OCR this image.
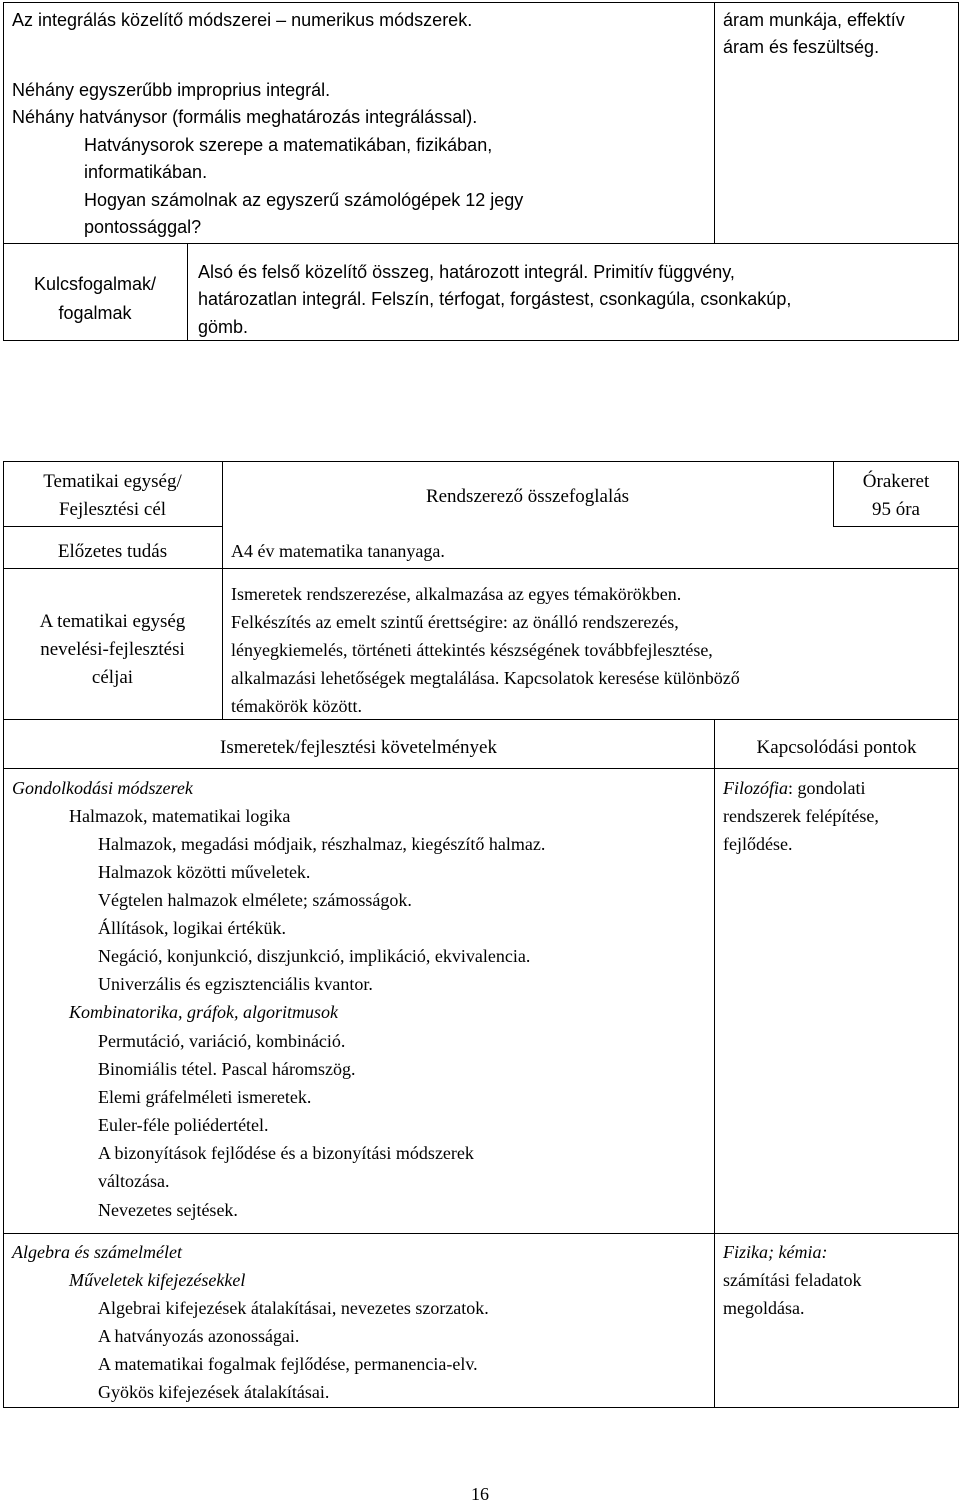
Az integrálás közelítő módszerei – numerikus módszerek.
Néhány egyszerűbb improprius integrál.
Néhány hatványsor (formális meghatározás integrálással).
Hatványsorok szerepe a matematikában, fizikában,
informatikában.
Hogyan számolnak az egyszerű számológépek 12 jegy
pontossággal?
áram munkája, effektív
áram és feszültség.
Kulcsfogalmak/
fogalmak
Alsó és felső közelítő összeg, határozott integrál. Primitív függvény,
határozatlan integrál. Felszín, térfogat, forgástest, csonkagúla, csonkakúp,
gömb.
Tematikai egység/
Fejlesztési cél
Rendszerező összefoglalás
Órakeret
95 óra
Előzetes tudás	A4 év matematika tananyaga.
A tematikai egység
nevelési-fejlesztési
céljai
Ismeretek rendszerezése, alkalmazása az egyes témakörökben.
Felkészítés az emelt szintű érettségire: az önálló rendszerezés,
lényegkiemelés, történeti áttekintés készségének továbbfejlesztése,
alkalmazási lehetőségek megtalálása. Kapcsolatok keresése különböző
témakörök között.
Ismeretek/fejlesztési követelmények	Kapcsolódási pontok
Gondolkodási módszerek
Halmazok, matematikai logika
Halmazok, megadási módjaik, részhalmaz, kiegészítő halmaz.
Halmazok közötti műveletek.
Végtelen halmazok elmélete; számosságok.
Állítások, logikai értékük.
Negáció, konjunkció, diszjunkció, implikáció, ekvivalencia.
Univerzális és egzisztenciális kvantor.
Kombinatorika, gráfok, algoritmusok
Permutáció, variáció, kombináció.
Binomiális tétel. Pascal háromszög.
Elemi gráfelméleti ismeretek.
Euler-féle poliédertétel.
A bizonyítások fejlődése és a bizonyítási módszerek
változása.
Nevezetes sejtések.
Algebra és számelmélet
Műveletek kifejezésekkel
Algebrai kifejezések átalakításai, nevezetes szorzatok.
A hatványozás azonosságai.
A matematikai fogalmak fejlődése, permanencia-elv.
Gyökös kifejezések átalakításai.
Filozófia: gondolati
rendszerek felépítése,
fejlődése.
Fizika; kémia:
számítási feladatok
megoldása.
16
